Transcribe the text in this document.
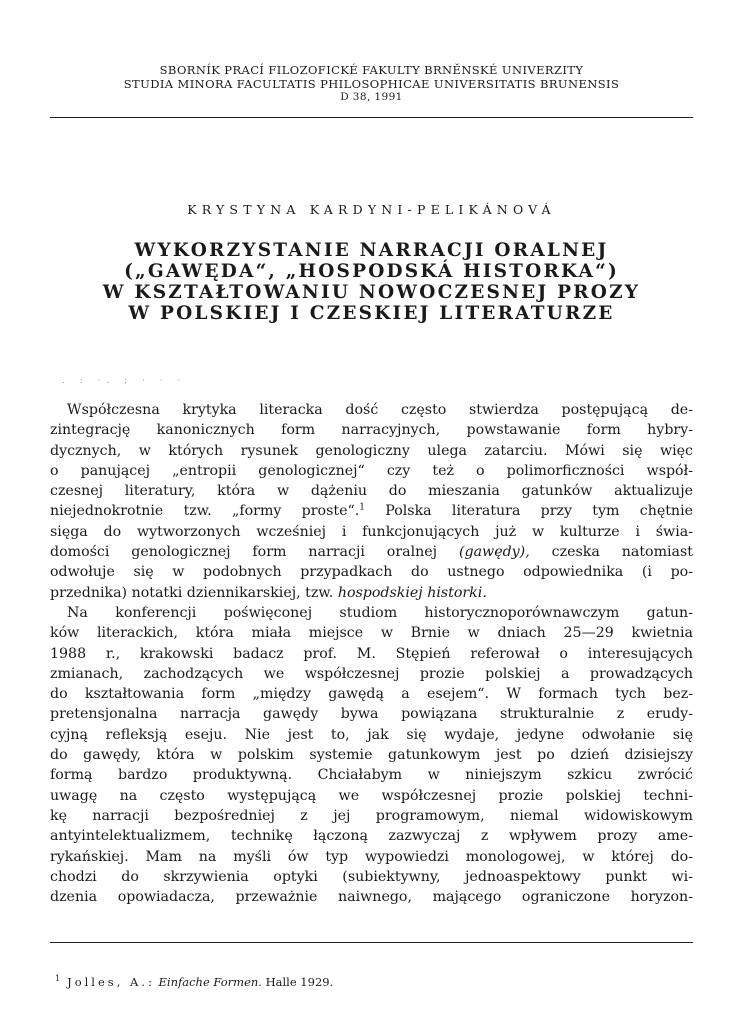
SBORNÍK PRACÍ FILOZOFICKÉ FAKULTY BRNĚNSKÉ UNIVERZITY
STUDIA MINORA FACULTATIS PHILOSOPHICAE UNIVERSITATIS BRUNENSIS
D 38, 1991
KRYSTYNA KARDYNI-PELIKÁNOVÁ
WYKORZYSTANIE NARRACJI ORALNEJ
(„GAWĘDA“, „HOSPODSKÁ HISTORKA“)
W KSZTAŁTOWANIU NOWOCZESNEJ PROZY
W POLSKIEJ I CZESKIEJ LITERATURZE
. : ·. ; · · ·
Współczesna krytyka literacka dość często stwierdza postępującą de-
zintegrację kanonicznych form narracyjnych, powstawanie form hybry-
dycznych, w których rysunek genologiczny ulega zatarciu. Mówi się więc
o panującej „entropii genologicznej“ czy też o polimorficzności współ-
czesnej literatury, która w dążeniu do mieszania gatunków aktualizuje
niejednokrotnie tzw. „formy proste“.$^1$ Polska literatura przy tym chętnie
sięga do wytworzonych wcześniej i funkcjonujących już w kulturze i świa-
domości genologicznej form narracji oralnej (gawędy), czeska natomiast
odwołuje się w podobnych przypadkach do ustnego odpowiednika (i po-
przednika) notatki dziennikarskiej, tzw. hospodskiej historki.
Na konferencji poświęconej studiom historycznoporównawczym gatun-
ków literackich, która miała miejsce w Brnie w dniach 25—29 kwietnia
1988 r., krakowski badacz prof. M. Stępień referował o interesujących
zmianach, zachodzących we współczesnej prozie polskiej a prowadzących
do kształtowania form „między gawędą a esejem“. W formach tych bez-
pretensjonalna narracja gawędy bywa powiązana strukturalnie z erudy-
cyjną refleksją eseju. Nie jest to, jak się wydaje, jedyne odwołanie się
do gawędy, która w polskim systemie gatunkowym jest po dzień dzisiejszy
formą bardzo produktywną. Chciałabym w niniejszym szkicu zwrócić
uwagę na często występującą we współczesnej prozie polskiej techni-
kę narracji bezpośredniej z jej programowym, niemal widowiskowym
antyintelektualizmem, technikę łączoną zazwyczaj z wpływem prozy ame-
rykańskiej. Mam na myśli ów typ wypowiedzi monologowej, w której do-
chodzi do skrzywienia optyki (subiektywny, jednoaspektowy punkt wi-
dzenia opowiadacza, przeważnie naiwnego, mającego ograniczone horyzon-
$^1$ Jolles, A.: Einfache Formen. Halle 1929.
